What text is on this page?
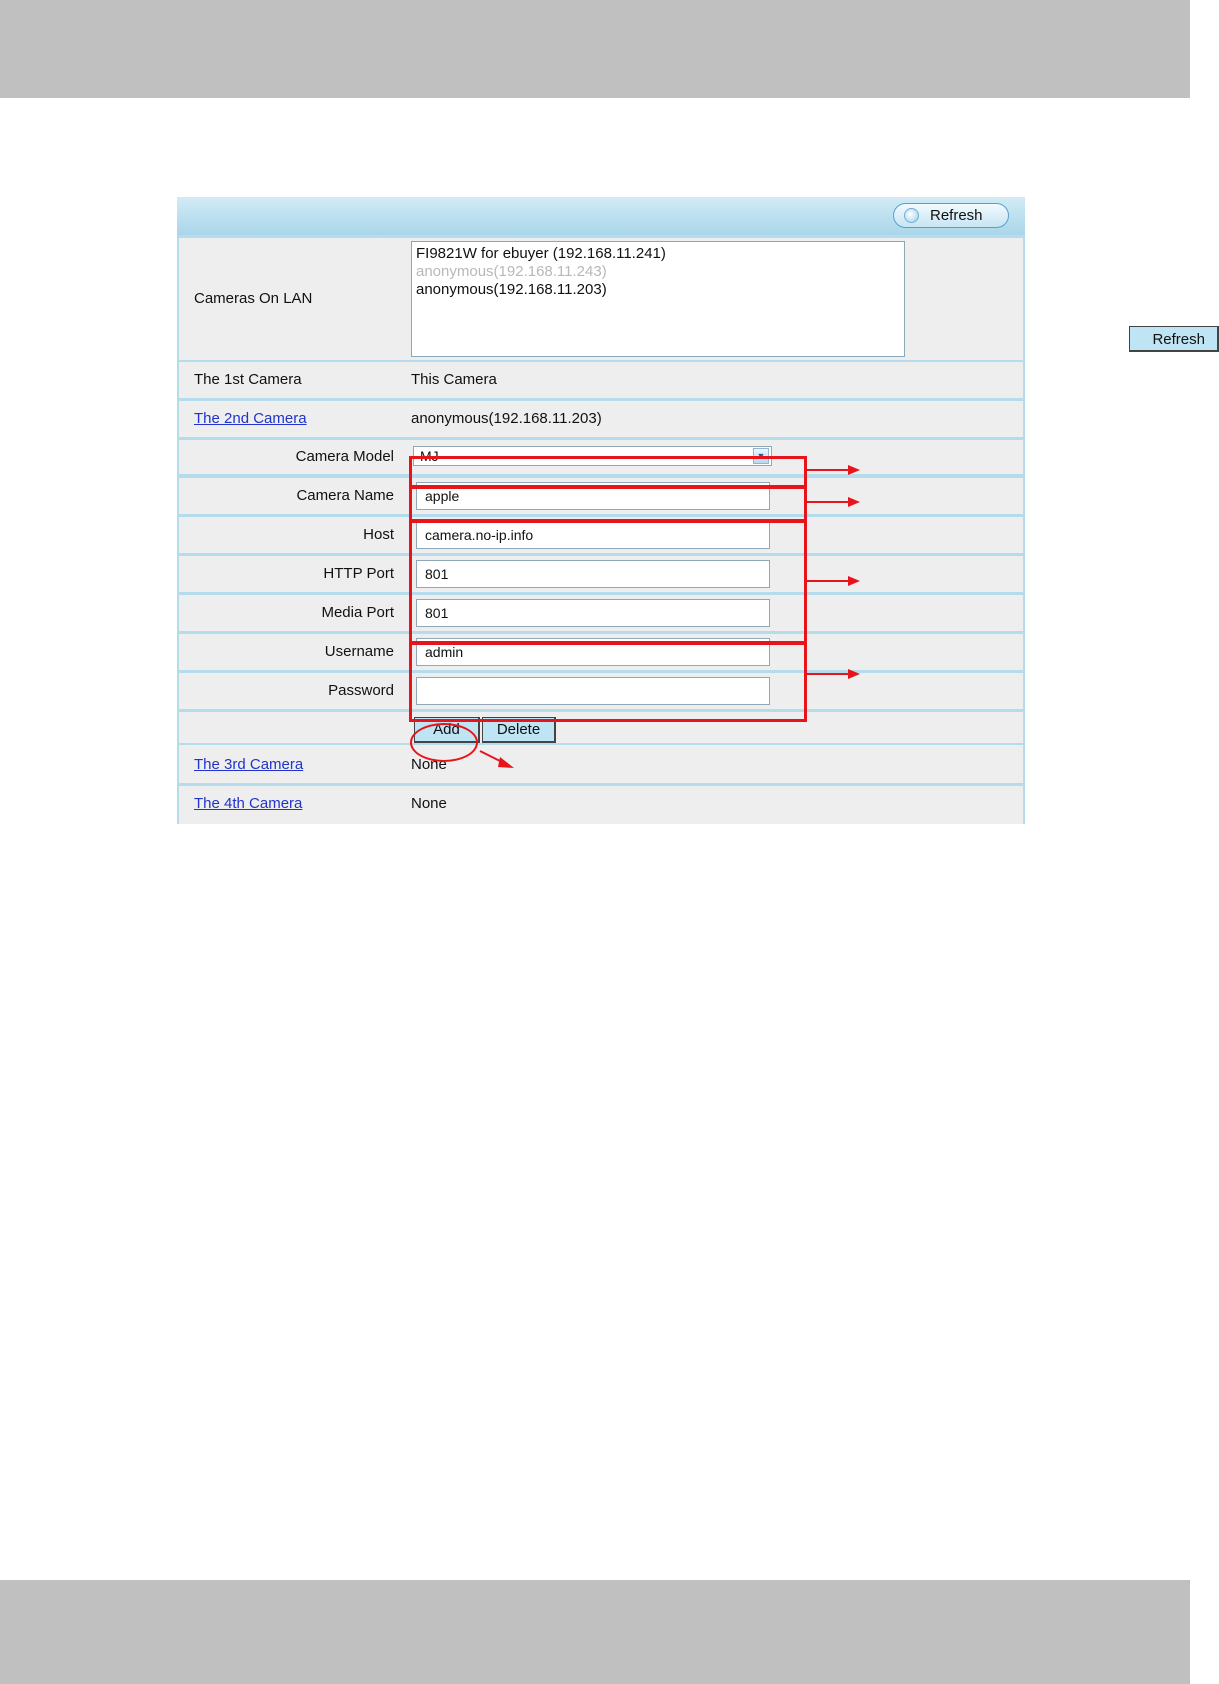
Refresh
Cameras On LAN
FI9821W for ebuyer (192.168.11.241)
anonymous(192.168.11.243)
anonymous(192.168.11.203)
Refresh
The 1st Camera	This Camera
The 2nd Camera	anonymous(192.168.11.203)
Camera Model	MJ	▼
Camera Name	apple
Host	camera.no-ip.info
HTTP Port	801
Media Port	801
Username	admin
Password
Add	Delete
The 3rd Camera	None
The 4th Camera	None
